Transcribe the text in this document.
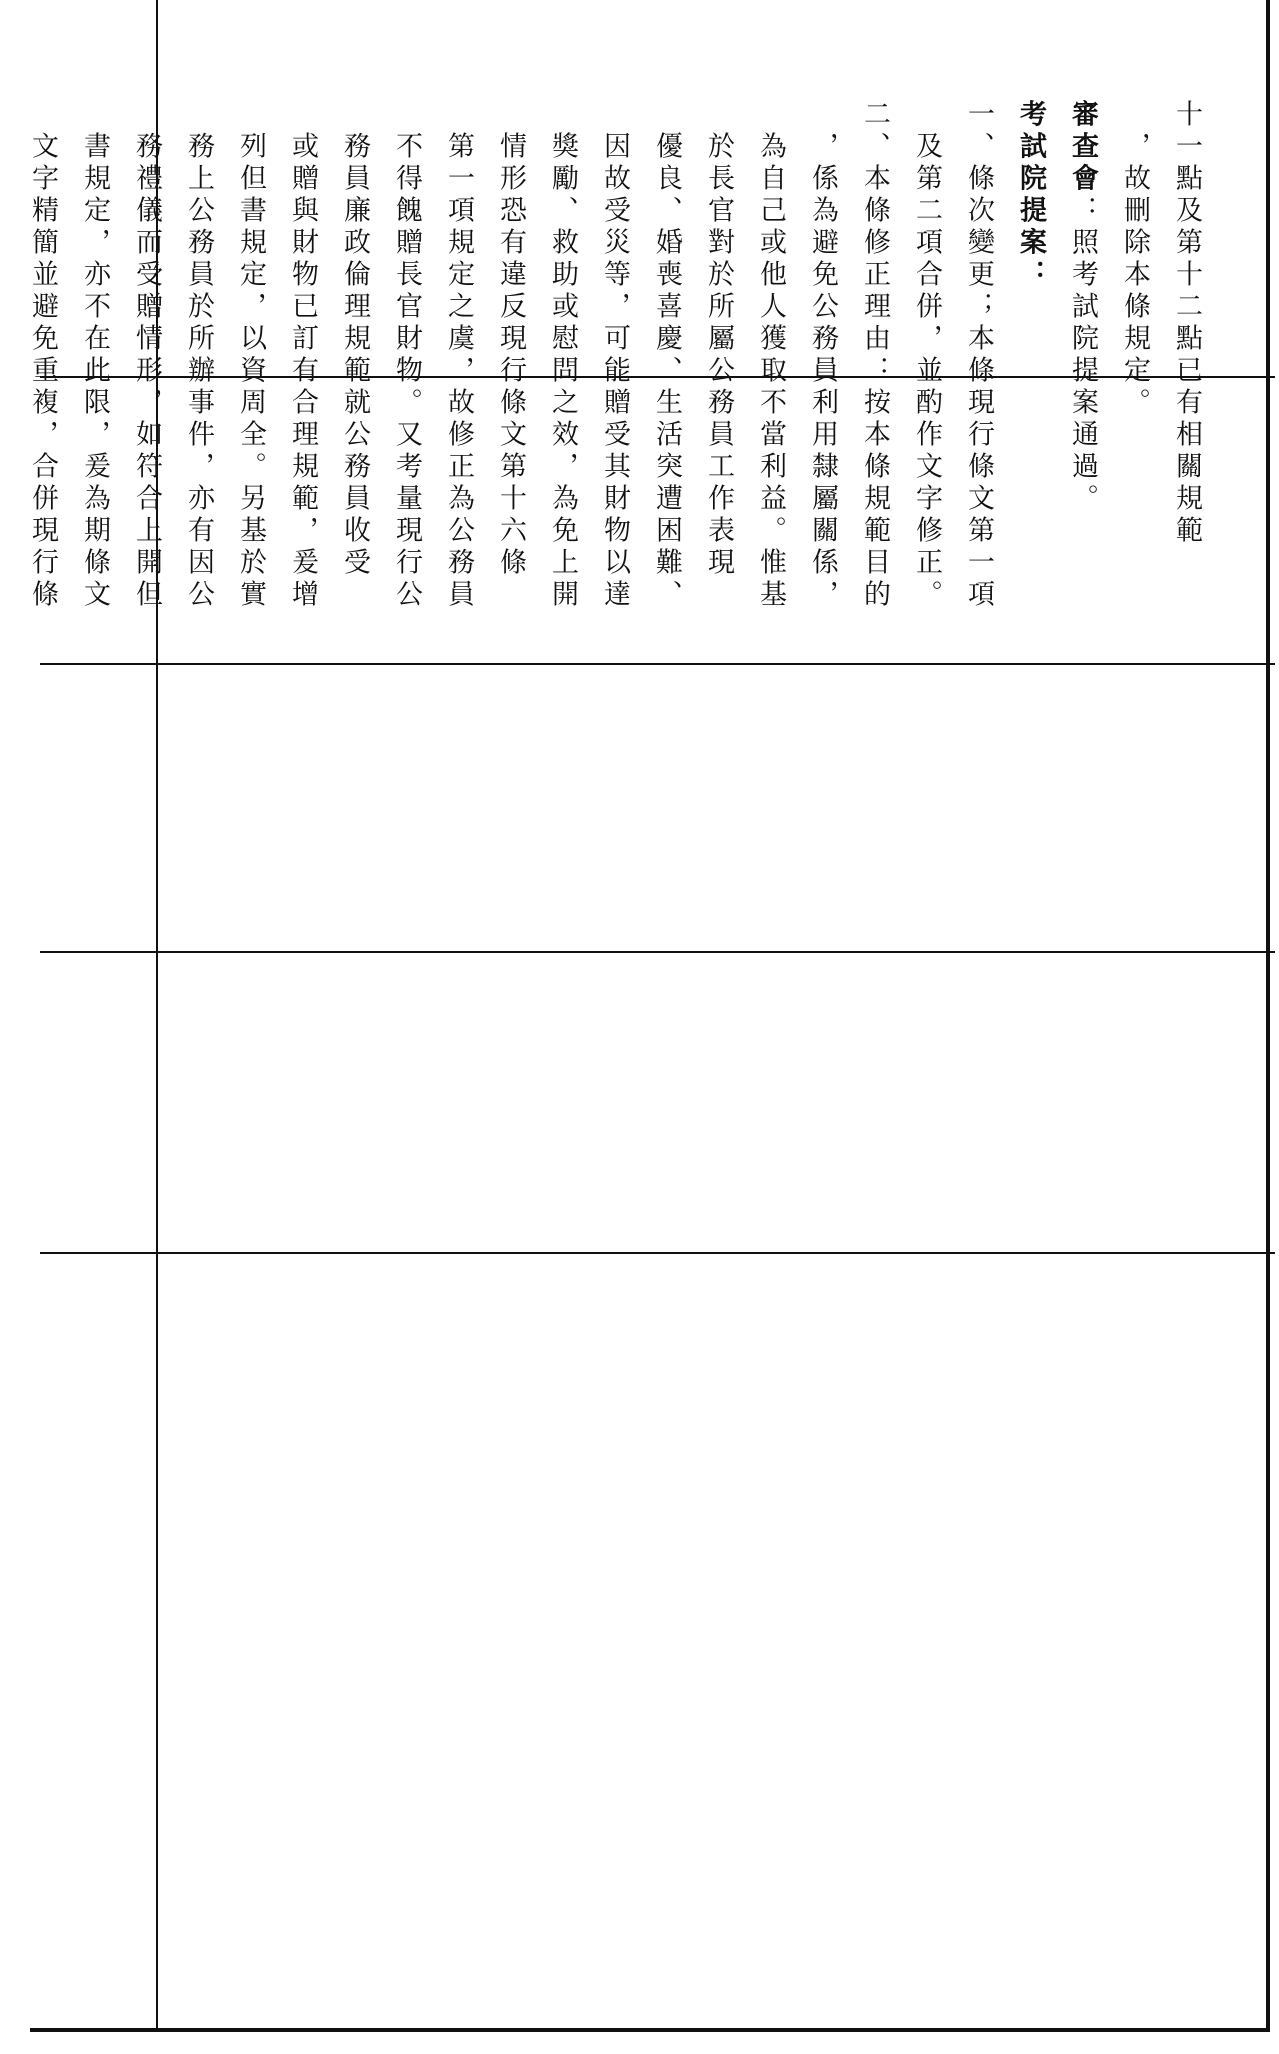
十一點及第十二點已有相關規範
　，故刪除本條規定。
審查會：照考試院提案通過。
考試院提案：
一、條次變更；本條現行條文第一項
　及第二項合併，並酌作文字修正。
二、本條修正理由：按本條規範目的
　，係為避免公務員利用隸屬關係，
　為自己或他人獲取不當利益。惟基
　於長官對於所屬公務員工作表現
　優良、婚喪喜慶、生活突遭困難、
　因故受災等，可能贈受其財物以達
　獎勵、救助或慰問之效，為免上開
　情形恐有違反現行條文第十六條
　第一項規定之虞，故修正為公務員
　不得餽贈長官財物。又考量現行公
　務員廉政倫理規範就公務員收受
　或贈與財物已訂有合理規範，爰增
　列但書規定，以資周全。另基於實
　務上公務員於所辦事件，亦有因公
　務禮儀而受贈情形，如符合上開但
　書規定，亦不在此限，爰為期條文
　文字精簡並避免重複，合併現行條
